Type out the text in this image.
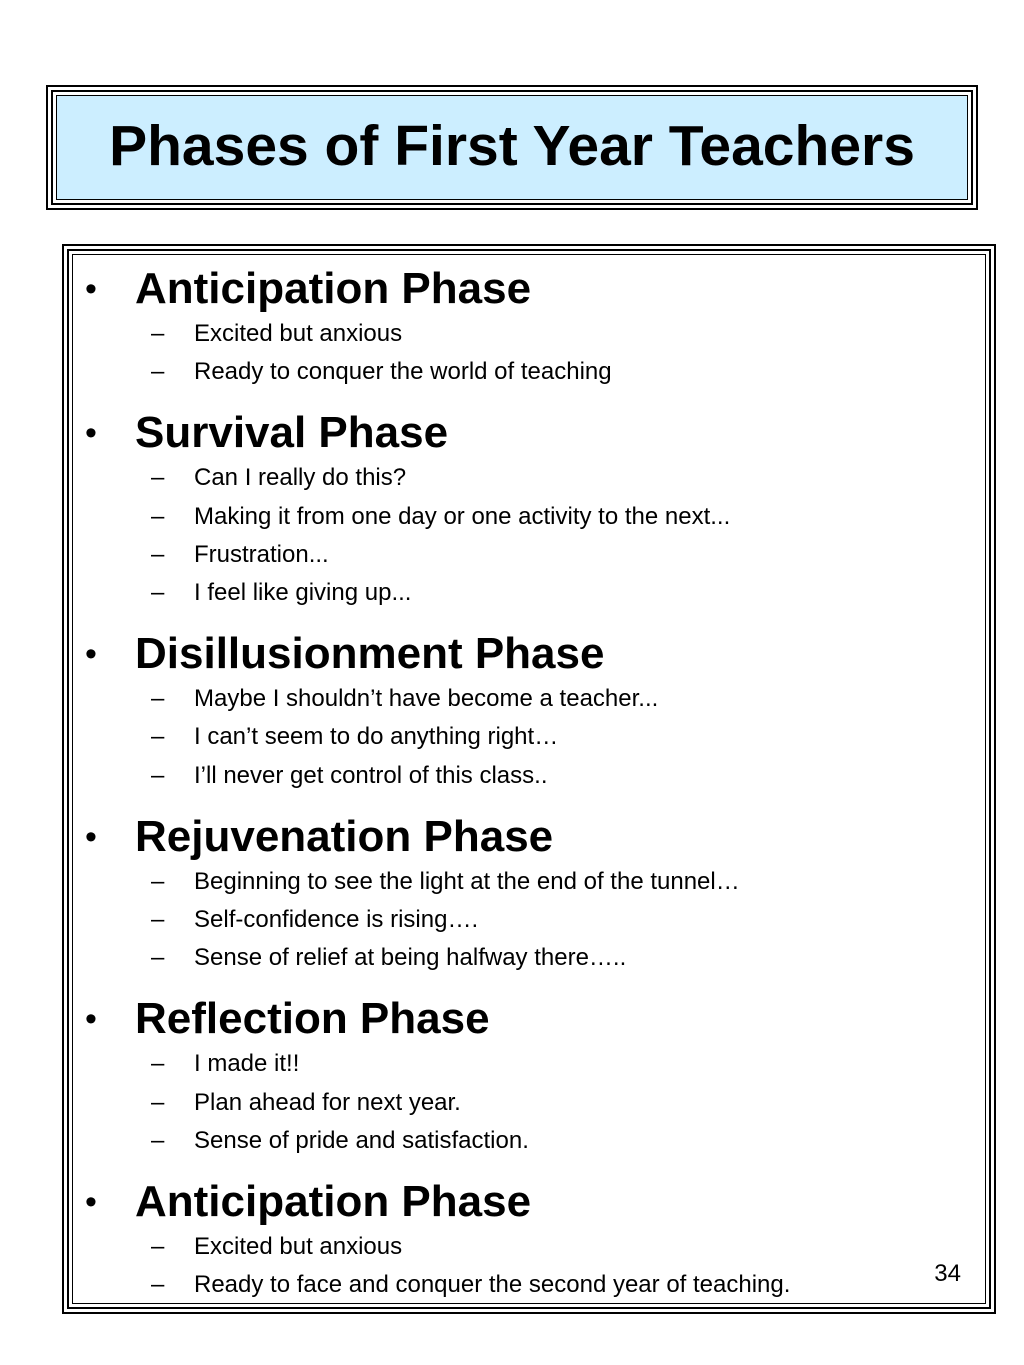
Phases of First Year Teachers
• Anticipation Phase
– Excited but anxious
– Ready to conquer the world of teaching
• Survival Phase
– Can I really do this?
– Making it from one day or one activity to the next...
– Frustration...
– I feel like giving up...
• Disillusionment Phase
– Maybe I shouldn’t have become a teacher...
– I can’t seem to do anything right…
– I’ll never get control of this class..
• Rejuvenation Phase
– Beginning to see the light at the end of the tunnel…
– Self-confidence is rising….
– Sense of relief at being halfway there…..
• Reflection Phase
– I made it!!
– Plan ahead for next year.
– Sense of pride and satisfaction.
• Anticipation Phase
– Excited but anxious
– Ready to face and conquer the second year of teaching.	34
